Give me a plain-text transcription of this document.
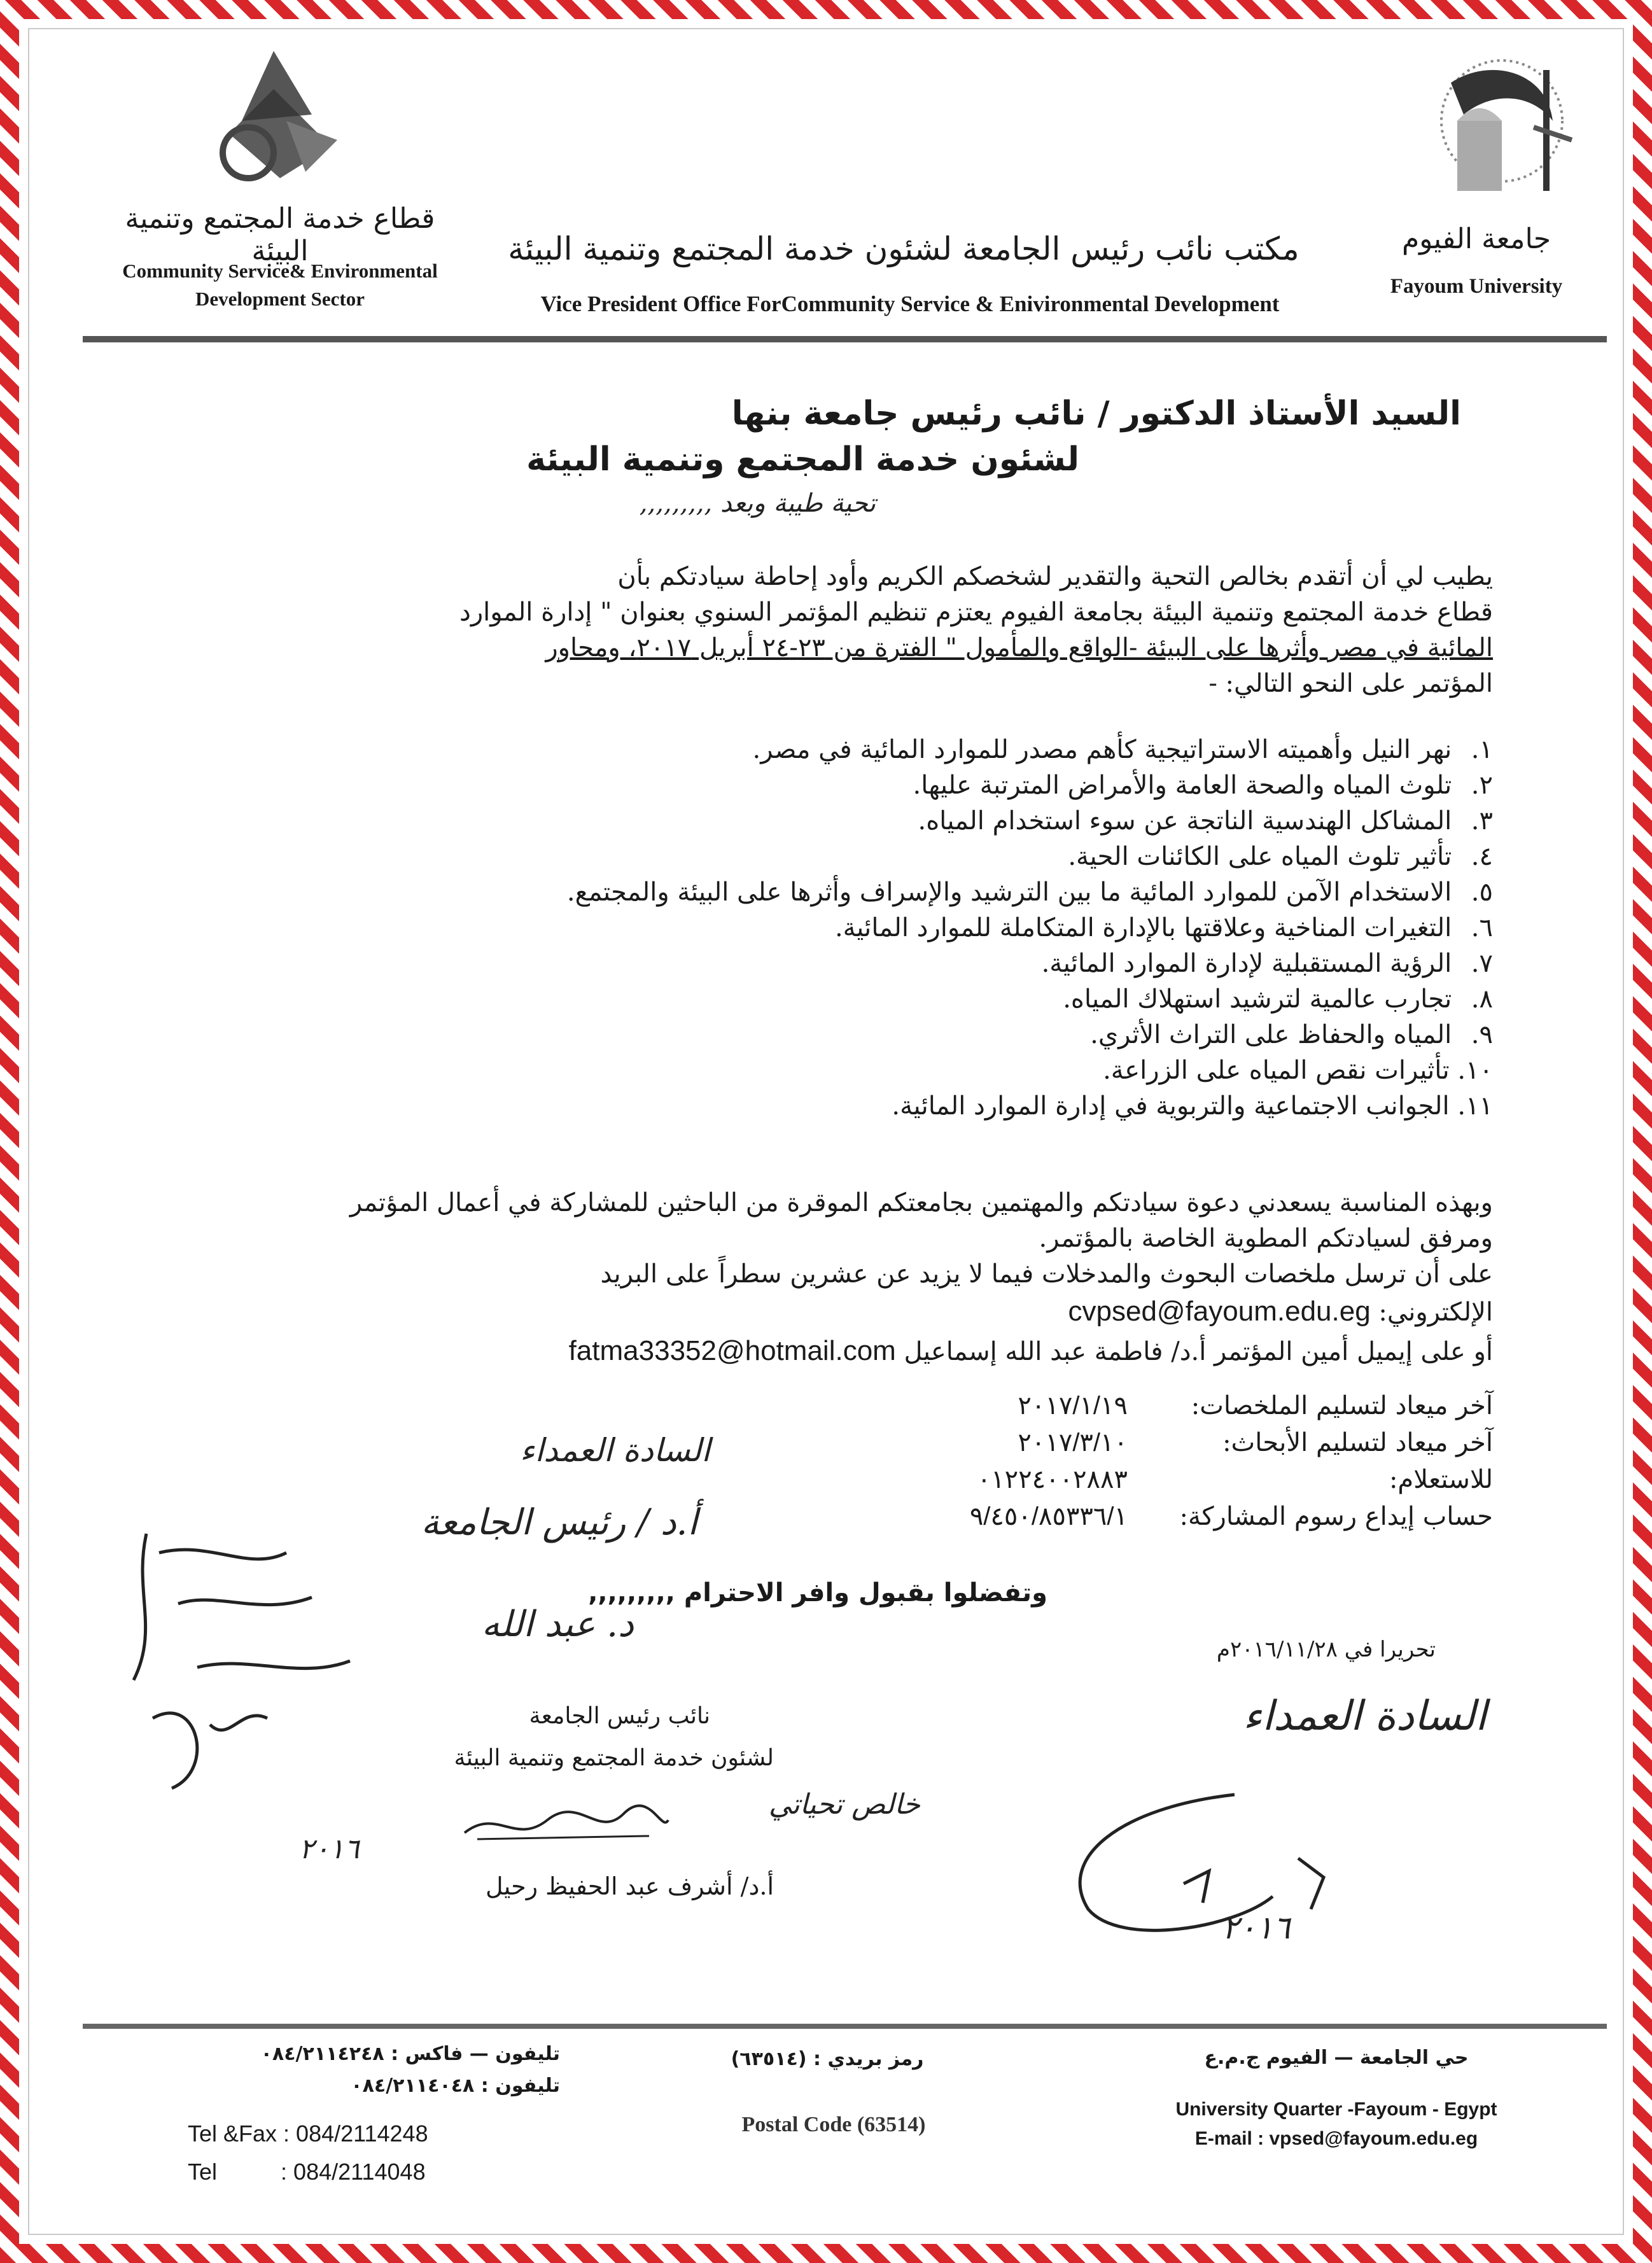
قطاع خدمة المجتمع وتنمية البيئة
Community Service& Environmental
Development Sector
مكتب نائب رئيس الجامعة لشئون خدمة المجتمع وتنمية البيئة
Vice President Office ForCommunity Service & Enivironmental Development
جامعة الفيوم
Fayoum University
السيد الأستاذ الدكتور / نائب رئيس جامعة بنها
لشئون خدمة المجتمع وتنمية البيئة
تحية طيبة وبعد ,,,,,,,,,
يطيب لي أن أتقدم بخالص التحية والتقدير لشخصكم الكريم وأود إحاطة سيادتكم بأن
قطاع خدمة المجتمع وتنمية البيئة بجامعة الفيوم يعتزم تنظيم المؤتمر السنوي بعنوان " إدارة الموارد
المائية في مصر وأثرها على البيئة -الواقع والمأمول " الفترة من ٢٣-٢٤ أبريل ٢٠١٧، ومحاور
المؤتمر على النحو التالي: -
١. نهر النيل وأهميته الاستراتيجية كأهم مصدر للموارد المائية في مصر.
٢. تلوث المياه والصحة العامة والأمراض المترتبة عليها.
٣. المشاكل الهندسية الناتجة عن سوء استخدام المياه.
٤. تأثير تلوث المياه على الكائنات الحية.
٥. الاستخدام الآمن للموارد المائية ما بين الترشيد والإسراف وأثرها على البيئة والمجتمع.
٦. التغيرات المناخية وعلاقتها بالإدارة المتكاملة للموارد المائية.
٧. الرؤية المستقبلية لإدارة الموارد المائية.
٨. تجارب عالمية لترشيد استهلاك المياه.
٩. المياه والحفاظ على التراث الأثري.
١٠. تأثيرات نقص المياه على الزراعة.
١١. الجوانب الاجتماعية والتربوية في إدارة الموارد المائية.
وبهذه المناسبة يسعدني دعوة سيادتكم والمهتمين بجامعتكم الموقرة من الباحثين للمشاركة في أعمال المؤتمر
ومرفق لسيادتكم المطوية الخاصة بالمؤتمر.
على أن ترسل ملخصات البحوث والمدخلات فيما لا يزيد عن عشرين سطراً على البريد
الإلكتروني: cvpsed@fayoum.edu.eg
أو على إيميل أمين المؤتمر أ.د/ فاطمة عبد الله إسماعيل fatma33352@hotmail.com
آخر ميعاد لتسليم الملخصات:
٢٠١٧/١/١٩
آخر ميعاد لتسليم الأبحاث:
٢٠١٧/٣/١٠
للاستعلام:
٠١٢٢٤٠٠٢٨٨٣
حساب إيداع رسوم المشاركة:
٩/٤٥٠/٨٥٣٣٦/١
وتفضلوا بقبول وافر الاحترام ,,,,,,,,,
تحريرا في ٢٠١٦/١١/٢٨م
نائب رئيس الجامعة
لشئون خدمة المجتمع وتنمية البيئة
خالص تحياتي
أ.د/ أشرف عبد الحفيظ رحيل
السادة العمداء
أ.د / رئيس الجامعة
د. عبد الله
٢٠١٦
السادة العمداء
٢٠١٦
تليفون — فاكس : ٠٨٤/٢١١٤٢٤٨
تليفون : ٠٨٤/٢١١٤٠٤٨
Tel &Fax : 084/2114248
Tel          : 084/2114048
رمز بريدي : (٦٣٥١٤)
Postal Code (63514)
حي الجامعة — الفيوم ج.م.ع
University Quarter -Fayoum - Egypt
E-mail : vpsed@fayoum.edu.eg
